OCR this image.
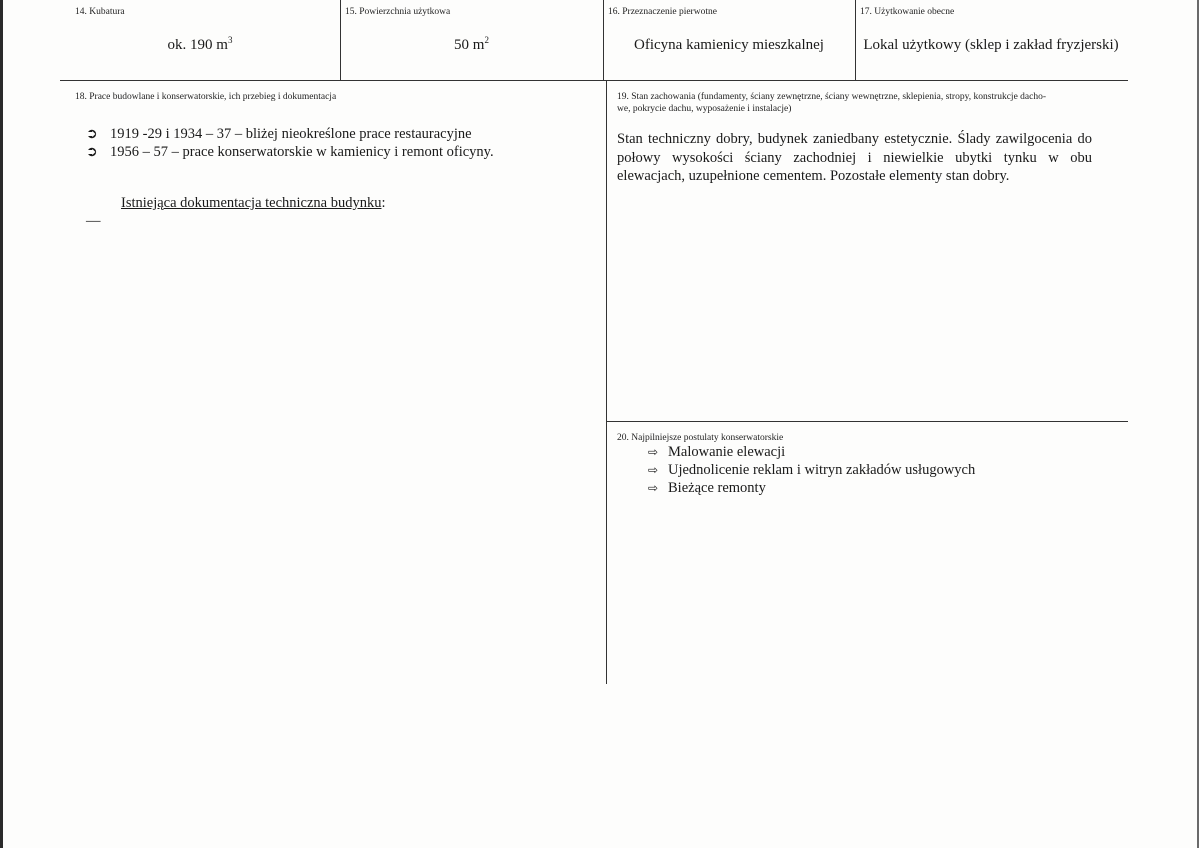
14. Kubatura
ok. 190 $m^3$
15. Powierzchnia użytkowa
50 $m^2$
16. Przeznaczenie pierwotne
Oficyna kamienicy mieszkalnej
17. Użytkowanie obecne
Lokal użytkowy (sklep i zakład fryzjerski)
18. Prace budowlane i konserwatorskie, ich przebieg i dokumentacja
➲ 1919 -29 i 1934 – 37 – bliżej nieokreślone prace restauracyjne
➲ 1956 – 57 – prace konserwatorskie w kamienicy i remont oficyny.
Istniejąca dokumentacja techniczna budynku:
—
19. Stan zachowania (fundamenty, ściany zewnętrzne, ściany wewnętrzne, sklepienia, stropy, konstrukcje dacho-
we, pokrycie dachu, wyposażenie i instalacje)
Stan techniczny dobry, budynek zaniedbany estetycznie. Ślady zawilgocenia do połowy wysokości ściany zachodniej i niewielkie ubytki tynku w obu elewacjach, uzupełnione cementem. Pozostałe elementy stan dobry.
20. Najpilniejsze postulaty konserwatorskie
⇨ Malowanie elewacji
⇨ Ujednolicenie reklam i witryn zakładów usługowych
⇨ Bieżące remonty
